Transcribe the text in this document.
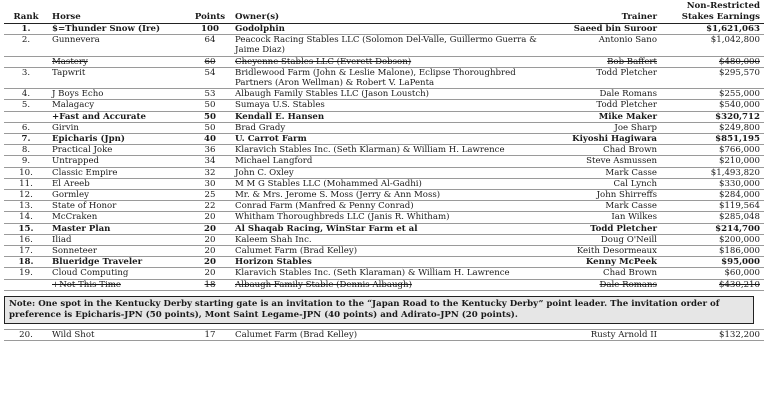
Rank	Horse	Points	Owner(s)	Trainer	Non-Restricted
Stakes Earnings

1.	$=Thunder Snow (Ire)	100	Godolphin	Saeed bin Suroor	$1,621,063
2.	Gunnevera	64	Peacock Racing Stables LLC (Solomon Del-Valle, Guillermo Guerra & Jaime Diaz)	Antonio Sano	$1,042,800
	Mastery	60	Cheyenne Stables LLC (Everett Dobson)	Bob Baffert	$480,000
3.	Tapwrit	54	Bridlewood Farm (John & Leslie Malone), Eclipse Thoroughbred Partners (Aron Wellman) & Robert V. LaPenta	Todd Pletcher	$295,570
4.	J Boys Echo	53	Albaugh Family Stables LLC (Jason Loustch)	Dale Romans	$255,000
5.	Malagacy	50	Sumaya U.S. Stables	Todd Pletcher	$540,000
	+Fast and Accurate	50	Kendall E. Hansen	Mike Maker	$320,712
6.	Girvin	50	Brad Grady	Joe Sharp	$249,800
7.	Epicharis (Jpn)	40	U. Carrot Farm	Kiyoshi Hagiwara	$851,195
8.	Practical Joke	36	Klaravich Stables Inc. (Seth Klarman) & William H. Lawrence	Chad Brown	$766,000
9.	Untrapped	34	Michael Langford	Steve Asmussen	$210,000
10.	Classic Empire	32	John C. Oxley	Mark Casse	$1,493,820
11.	El Areeb	30	M M G Stables LLC (Mohammed Al-Gadhi)	Cal Lynch	$330,000
12.	Gormley	25	Mr. & Mrs. Jerome S. Moss (Jerry & Ann Moss)	John Shirreffs	$284,000
13.	State of Honor	22	Conrad Farm (Manfred & Penny Conrad)	Mark Casse	$119,564
14.	McCraken	20	Whitham Thoroughbreds LLC (Janis R. Whitham)	Ian Wilkes	$285,048
15.	Master Plan	20	Al Shaqab Racing, WinStar Farm et al	Todd Pletcher	$214,700
16.	Iliad	20	Kaleem Shah Inc.	Doug O'Neill	$200,000
17.	Sonneteer	20	Calumet Farm (Brad Kelley)	Keith Desormeaux	$186,000
18.	Blueridge Traveler	20	Horizon Stables	Kenny McPeek	$95,000
19.	Cloud Computing	20	Klaravich Stables Inc. (Seth Klaraman) & William H. Lawrence	Chad Brown	$60,000
	+Not This Time	18	Albaugh Family Stable (Dennis Albaugh)	Dale Romans	$430,210
Note: One spot in the Kentucky Derby starting gate is an invitation to the “Japan Road to the Kentucky Derby” point leader. The invitation order of preference is Epicharis-JPN (50 points), Mont Saint Legame-JPN (40 points) and Adirato-JPN (20 points).
20.	Wild Shot	17	Calumet Farm (Brad Kelley)	Rusty Arnold II	$132,200
